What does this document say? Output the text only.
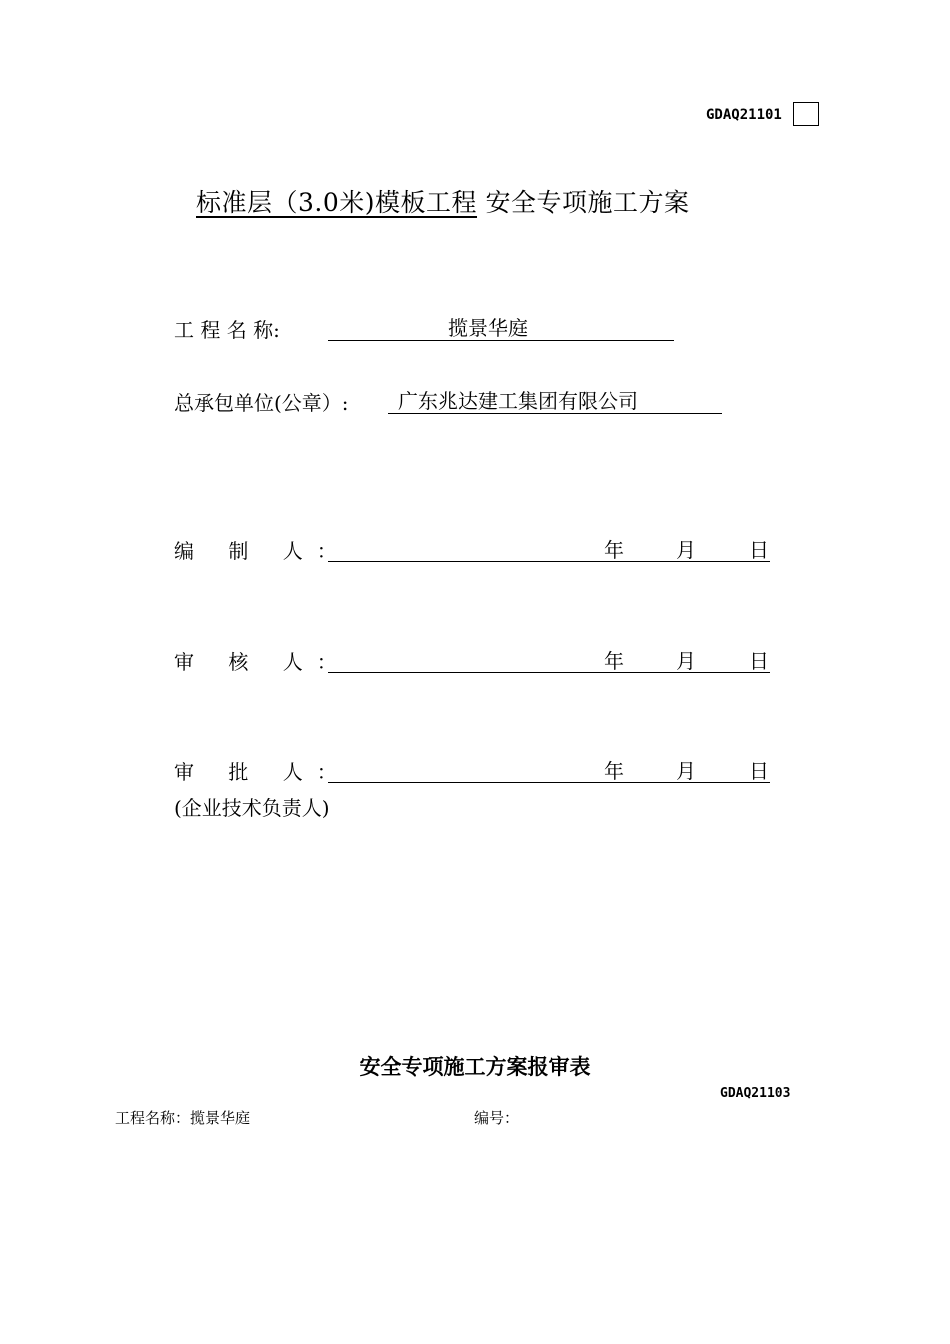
GDAQ21101
标准层（3.0米)模板工程 安全专项施工方案
工 程 名 称:	揽景华庭
总承包单位(公章）: 广东兆达建工集团有限公司
编 制 人：	年	月	日
审 核 人：	年	月	日
审 批 人：	年	月	日
(企业技术负责人)
安全专项施工方案报审表
GDAQ21103
工程名称：揽景华庭	编号：
